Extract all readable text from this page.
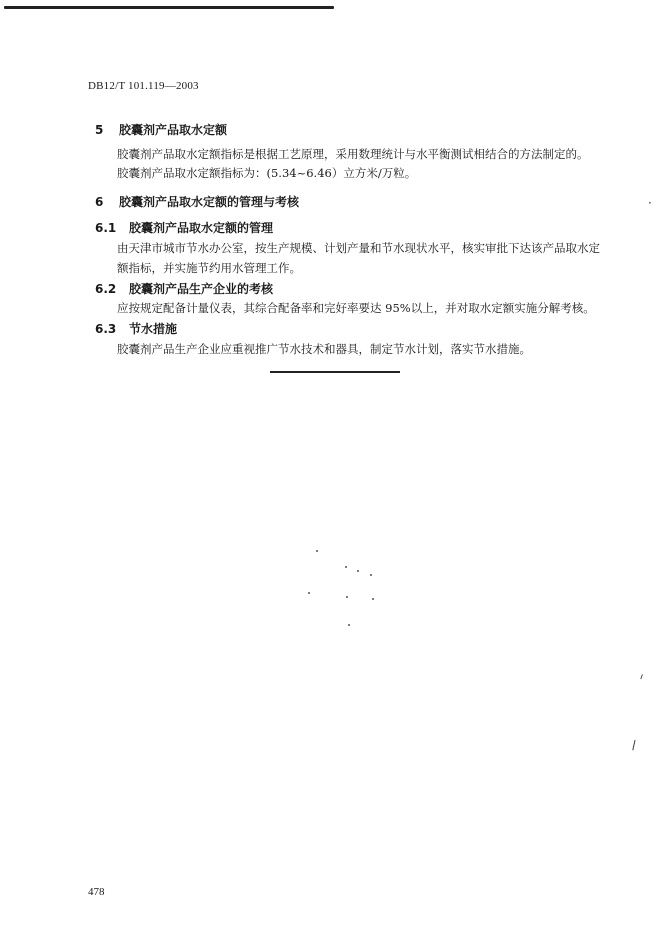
DB12/T 101.119—2003
5 胶囊剂产品取水定额
胶囊剂产品取水定额指标是根据工艺原理，采用数理统计与水平衡测试相结合的方法制定的。
胶囊剂产品取水定额指标为：(5.34~6.46）立方米/万粒。
6 胶囊剂产品取水定额的管理与考核
6.1 胶囊剂产品取水定额的管理
由天津市城市节水办公室，按生产规模、计划产量和节水现状水平，核实审批下达该产品取水定
额指标，并实施节约用水管理工作。
6.2 胶囊剂产品生产企业的考核
应按规定配备计量仪表，其综合配备率和完好率要达 95%以上，并对取水定额实施分解考核。
6.3 节水措施
胶囊剂产品生产企业应重视推广节水技术和器具，制定节水计划，落实节水措施。
·
ᐟ
\
478
